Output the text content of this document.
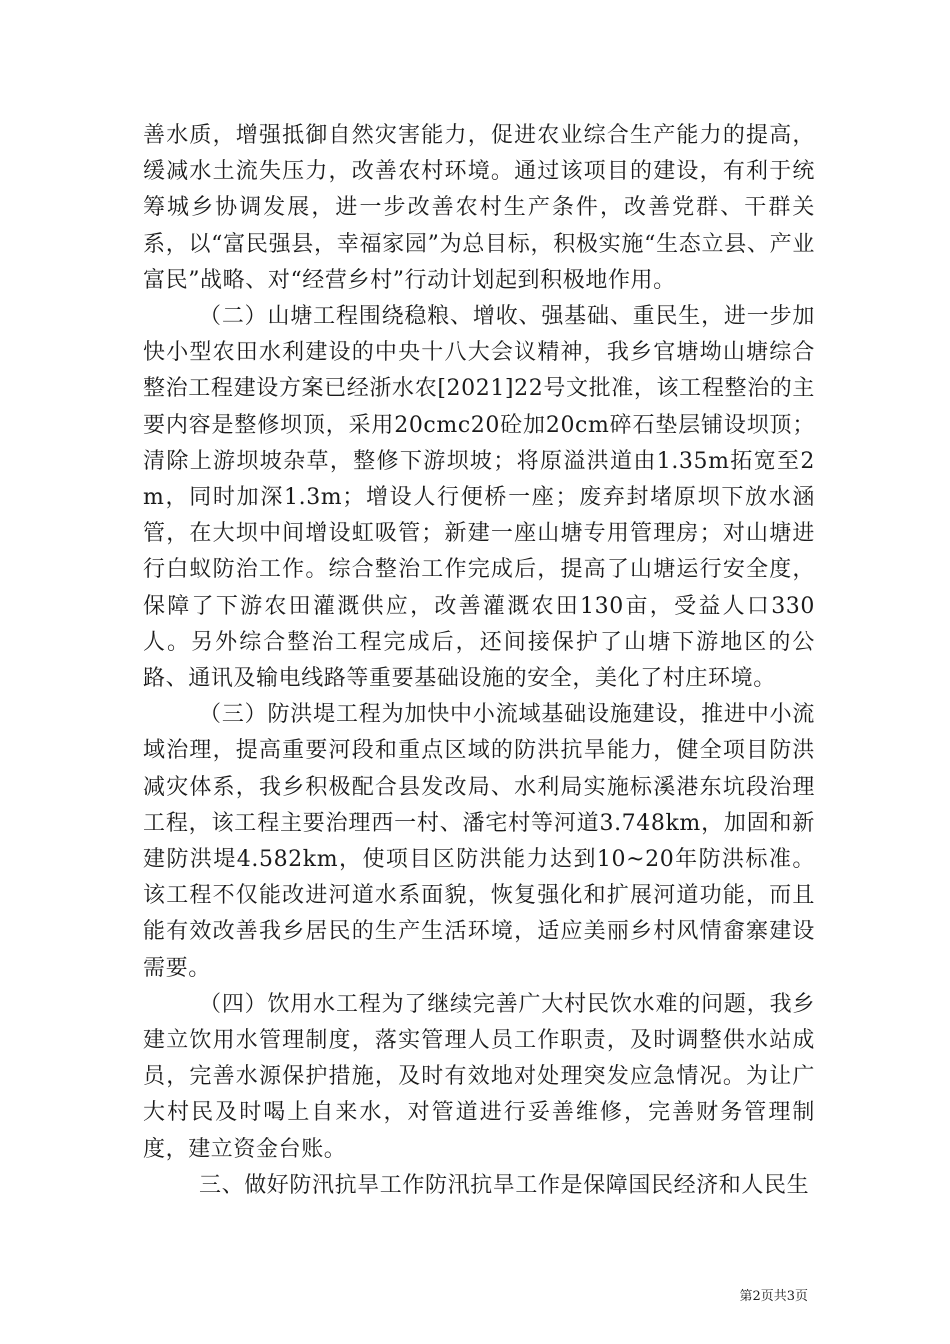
善水质，增强抵御自然灾害能力，促进农业综合生产能力的提高，缓减水土流失压力，改善农村环境。通过该项目的建设，有利于统筹城乡协调发展，进一步改善农村生产条件，改善党群、干群关系，以“富民强县，幸福家园”为总目标，积极实施“生态立县、产业富民”战略、对“经营乡村”行动计划起到积极地作用。

（二）山塘工程围绕稳粮、增收、强基础、重民生，进一步加快小型农田水利建设的中央十八大会议精神，我乡官塘坳山塘综合整治工程建设方案已经浙水农[2021]22号文批准，该工程整治的主要内容是整修坝顶，采用20cmc20砼加20cm碎石垫层铺设坝顶；清除上游坝坡杂草，整修下游坝坡；将原溢洪道由1.35m拓宽至2m，同时加深1.3m；增设人行便桥一座；废弃封堵原坝下放水涵管，在大坝中间增设虹吸管；新建一座山塘专用管理房；对山塘进行白蚁防治工作。综合整治工作完成后，提高了山塘运行安全度，保障了下游农田灌溉供应，改善灌溉农田130亩，受益人口330人。另外综合整治工程完成后，还间接保护了山塘下游地区的公路、通讯及输电线路等重要基础设施的安全，美化了村庄环境。

（三）防洪堤工程为加快中小流域基础设施建设，推进中小流域治理，提高重要河段和重点区域的防洪抗旱能力，健全项目防洪减灾体系，我乡积极配合县发改局、水利局实施标溪港东坑段治理工程，该工程主要治理西一村、潘宅村等河道3.748km，加固和新建防洪堤4.582km，使项目区防洪能力达到10~20年防洪标准。该工程不仅能改进河道水系面貌，恢复强化和扩展河道功能，而且能有效改善我乡居民的生产生活环境，适应美丽乡村风情畲寨建设需要。

（四）饮用水工程为了继续完善广大村民饮水难的问题，我乡建立饮用水管理制度，落实管理人员工作职责，及时调整供水站成员，完善水源保护措施，及时有效地对处理突发应急情况。为让广大村民及时喝上自来水，对管道进行妥善维修，完善财务管理制度，建立资金台账。

三、做好防汛抗旱工作防汛抗旱工作是保障国民经济和人民生

第2页共3页
